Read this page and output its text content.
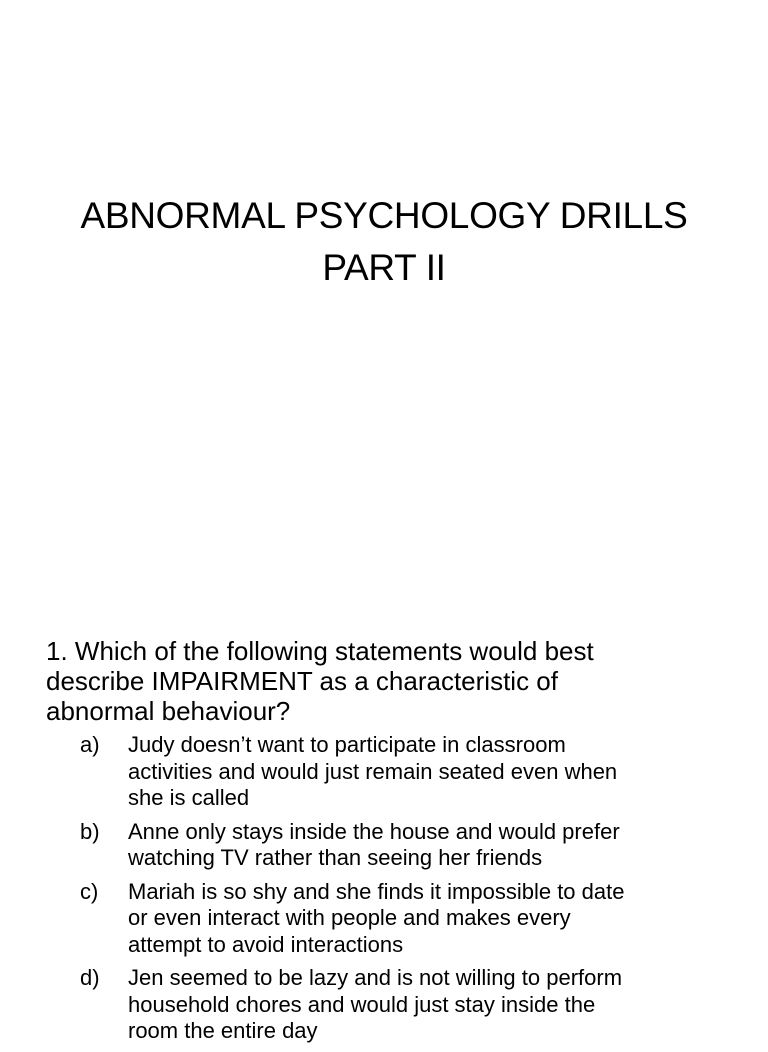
ABNORMAL PSYCHOLOGY DRILLS
PART II
1. Which of the following statements would best
describe IMPAIRMENT as a characteristic of
abnormal behaviour?
a)	Judy doesn’t want to participate in classroom
activities and would just remain seated even when
she is called
b)	Anne only stays inside the house and would prefer
watching TV rather than seeing her friends
c)	Mariah is so shy and she finds it impossible to date
or even interact with people and makes every
attempt to avoid interactions
d)	Jen seemed to be lazy and is not willing to perform
household chores and would just stay inside the
room the entire day
